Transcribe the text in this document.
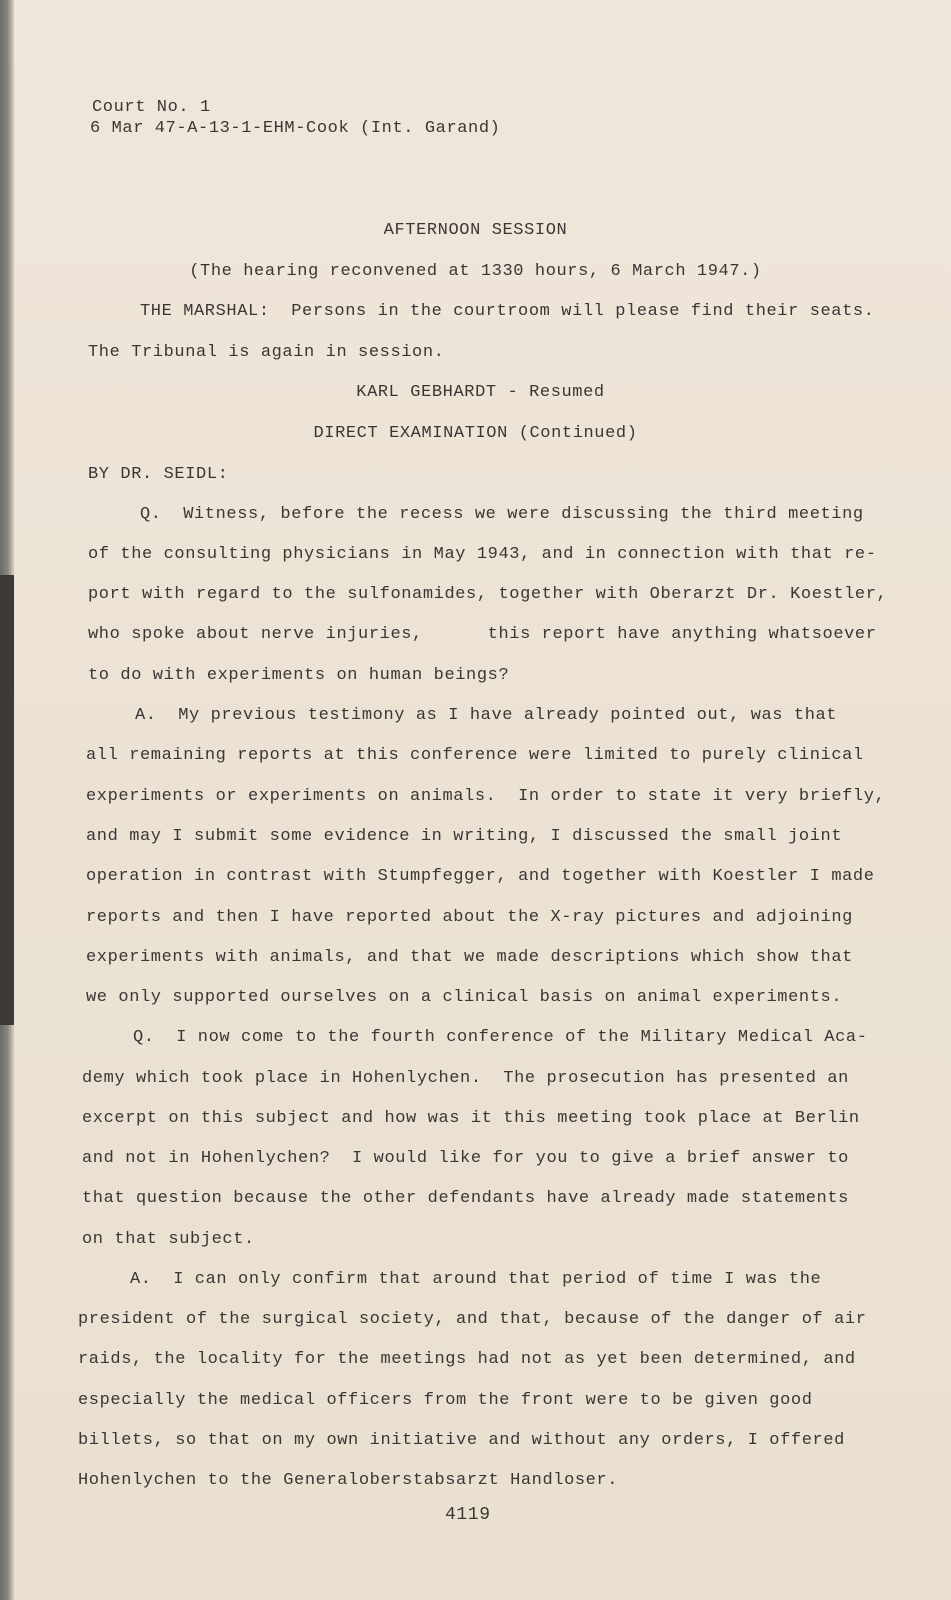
Court No. 1
6 Mar 47-A-13-1-EHM-Cook (Int. Garand)
AFTERNOON SESSION
(The hearing reconvened at 1330 hours, 6 March 1947.)
THE MARSHAL:  Persons in the courtroom will please find their seats.
The Tribunal is again in session.
KARL GEBHARDT - Resumed
DIRECT EXAMINATION (Continued)
BY DR. SEIDL:
Q.  Witness, before the recess we were discussing the third meeting
of the consulting physicians in May 1943, and in connection with that re-
port with regard to the sulfonamides, together with Oberarzt Dr. Koestler,
who spoke about nerve injuries,      this report have anything whatsoever
to do with experiments on human beings?
A.  My previous testimony as I have already pointed out, was that
all remaining reports at this conference were limited to purely clinical
experiments or experiments on animals.  In order to state it very briefly,
and may I submit some evidence in writing, I discussed the small joint
operation in contrast with Stumpfegger, and together with Koestler I made
reports and then I have reported about the X-ray pictures and adjoining
experiments with animals, and that we made descriptions which show that
we only supported ourselves on a clinical basis on animal experiments.
Q.  I now come to the fourth conference of the Military Medical Aca-
demy which took place in Hohenlychen.  The prosecution has presented an
excerpt on this subject and how was it this meeting took place at Berlin
and not in Hohenlychen?  I would like for you to give a brief answer to
that question because the other defendants have already made statements
on that subject.
A.  I can only confirm that around that period of time I was the
president of the surgical society, and that, because of the danger of air
raids, the locality for the meetings had not as yet been determined, and
especially the medical officers from the front were to be given good
billets, so that on my own initiative and without any orders, I offered
Hohenlychen to the Generaloberstabsarzt Handloser.
4119
